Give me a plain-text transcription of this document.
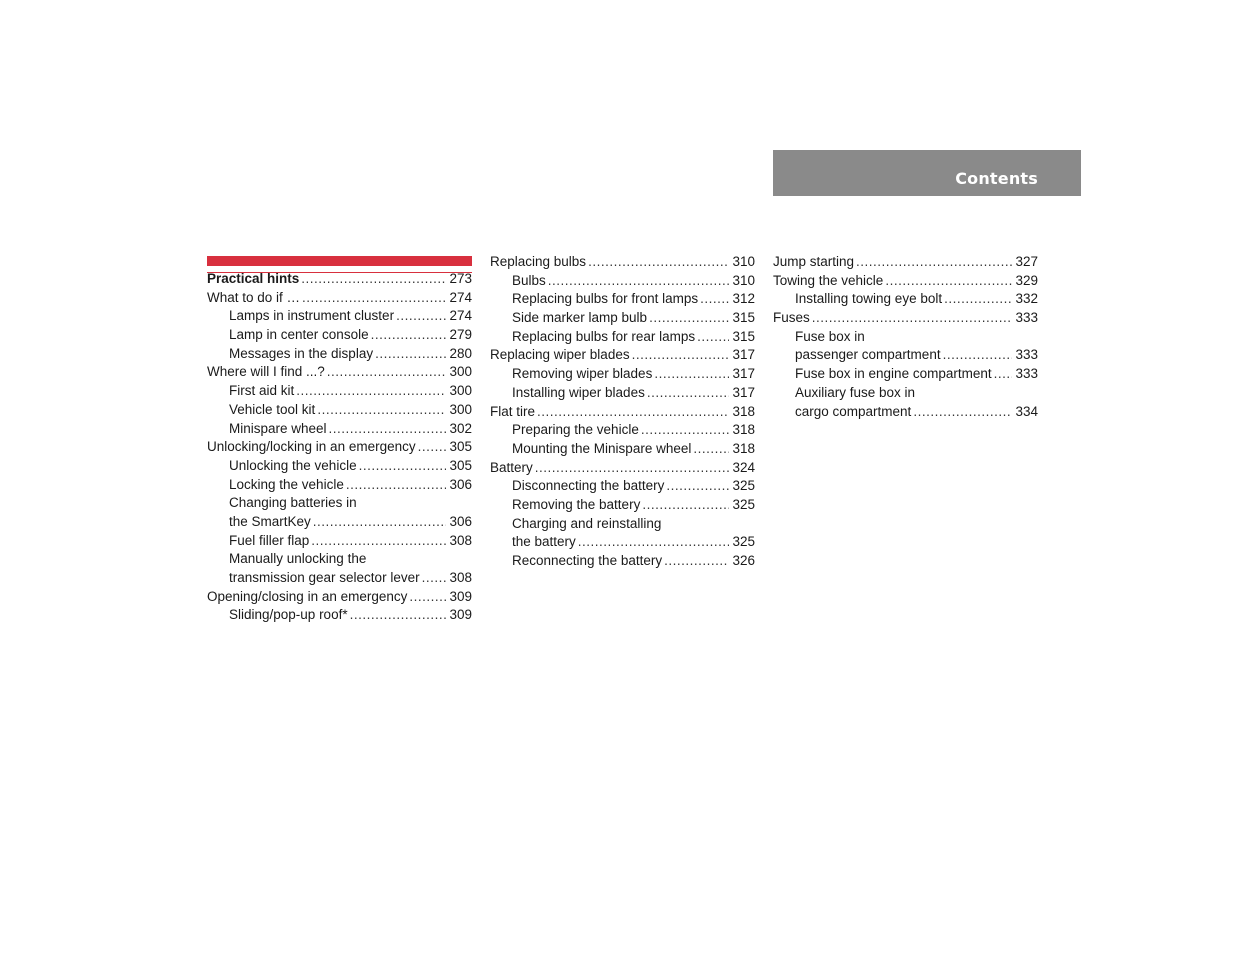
Contents
Practical hints .....	273
What to do if … .....	274
Lamps in instrument cluster .....	274
Lamp in center console .....	279
Messages in the display .....	280
Where will I find ...? .....	300
First aid kit .....	300
Vehicle tool kit .....	300
Minispare wheel .....	302
Unlocking/locking in an emergency .....	305
Unlocking the vehicle .....	305
Locking the vehicle .....	306
Changing batteries in
the SmartKey .....	306
Fuel filler flap .....	308
Manually unlocking the
transmission gear selector lever ..... 308
Opening/closing in an emergency .....	309
Sliding/pop-up roof* .....	309
Replacing bulbs .....	310
Bulbs .....	310
Replacing bulbs for front lamps .....	312
Side marker lamp bulb .....	315
Replacing bulbs for rear lamps .....	315
Replacing wiper blades .....	317
Removing wiper blades .....	317
Installing wiper blades .....	317
Flat tire .....	318
Preparing the vehicle .....	318
Mounting the Minispare wheel .....	318
Battery .....	324
Disconnecting the battery .....	325
Removing the battery .....	325
Charging and reinstalling
the battery .....	325
Reconnecting the battery .....	326
Jump starting .....	327
Towing the vehicle .....	329
Installing towing eye bolt .....	332
Fuses .....	333
Fuse box in
passenger compartment .....	333
Fuse box in engine compartment ..... 333
Auxiliary fuse box in
cargo compartment .....	334
